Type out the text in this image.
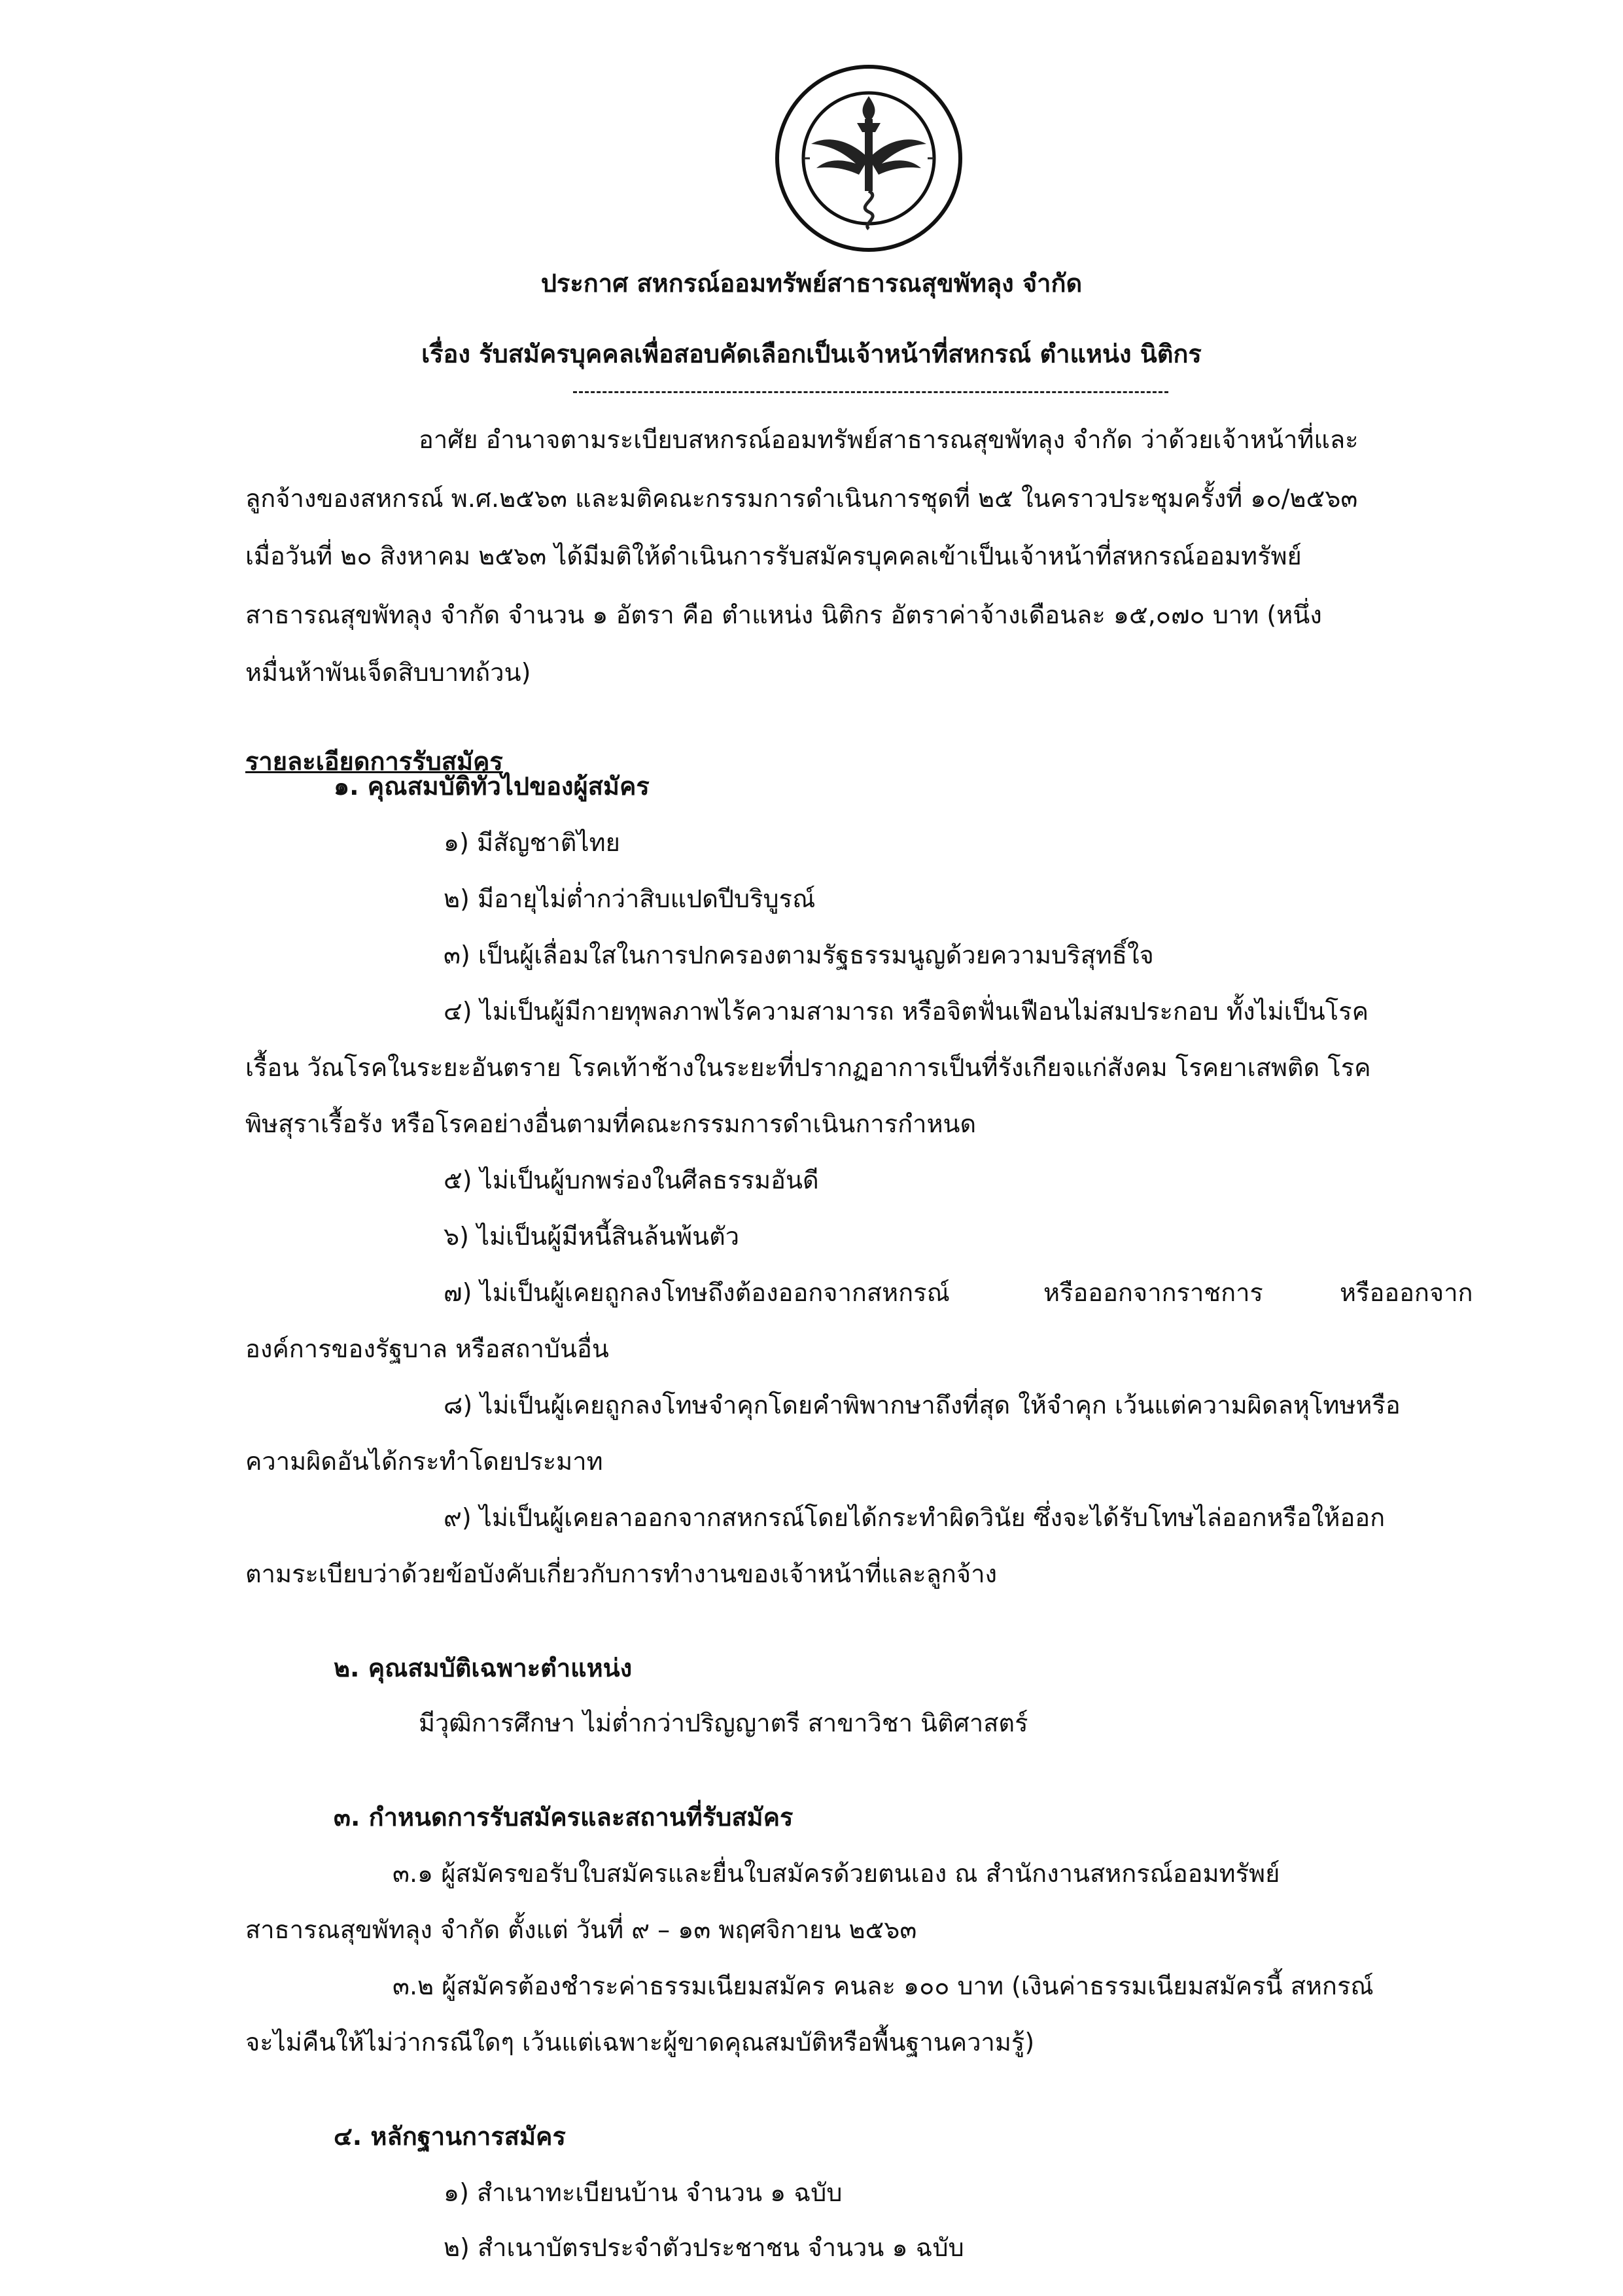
ประกาศ สหกรณ์ออมทรัพย์สาธารณสุขพัทลุง จำกัด
เรื่อง รับสมัครบุคคลเพื่อสอบคัดเลือกเป็นเจ้าหน้าที่สหกรณ์ ตำแหน่ง นิติกร
อาศัย อำนาจตามระเบียบสหกรณ์ออมทรัพย์สาธารณสุขพัทลุง จำกัด ว่าด้วยเจ้าหน้าที่และ
ลูกจ้างของสหกรณ์ พ.ศ.๒๕๖๓ และมติคณะกรรมการดำเนินการชุดที่ ๒๕ ในคราวประชุมครั้งที่ ๑๐/๒๕๖๓
เมื่อวันที่ ๒๐ สิงหาคม ๒๕๖๓ ได้มีมติให้ดำเนินการรับสมัครบุคคลเข้าเป็นเจ้าหน้าที่สหกรณ์ออมทรัพย์
สาธารณสุขพัทลุง จำกัด จำนวน ๑ อัตรา คือ ตำแหน่ง นิติกร อัตราค่าจ้างเดือนละ ๑๕,๐๗๐ บาท (หนึ่ง
หมื่นห้าพันเจ็ดสิบบาทถ้วน)
รายละเอียดการรับสมัคร
๑. คุณสมบัติทั่วไปของผู้สมัคร
๑) มีสัญชาติไทย
๒) มีอายุไม่ต่ำกว่าสิบแปดปีบริบูรณ์
๓) เป็นผู้เลื่อมใสในการปกครองตามรัฐธรรมนูญด้วยความบริสุทธิ์ใจ
๔) ไม่เป็นผู้มีกายทุพลภาพไร้ความสามารถ หรือจิตฟั่นเฟือนไม่สมประกอบ ทั้งไม่เป็นโรค
เรื้อน วัณโรคในระยะอันตราย โรคเท้าช้างในระยะที่ปรากฏอาการเป็นที่รังเกียจแก่สังคม โรคยาเสพติด โรค
พิษสุราเรื้อรัง หรือโรคอย่างอื่นตามที่คณะกรรมการดำเนินการกำหนด
๕) ไม่เป็นผู้บกพร่องในศีลธรรมอันดี
๖) ไม่เป็นผู้มีหนี้สินล้นพ้นตัว
๗) ไม่เป็นผู้เคยถูกลงโทษถึงต้องออกจากสหกรณ์	หรือออกจากราชการ	หรือออกจาก
องค์การของรัฐบาล หรือสถาบันอื่น
๘) ไม่เป็นผู้เคยถูกลงโทษจำคุกโดยคำพิพากษาถึงที่สุด ให้จำคุก เว้นแต่ความผิดลหุโทษหรือ
ความผิดอันได้กระทำโดยประมาท
๙) ไม่เป็นผู้เคยลาออกจากสหกรณ์โดยได้กระทำผิดวินัย ซึ่งจะได้รับโทษไล่ออกหรือให้ออก
ตามระเบียบว่าด้วยข้อบังคับเกี่ยวกับการทำงานของเจ้าหน้าที่และลูกจ้าง
๒. คุณสมบัติเฉพาะตำแหน่ง
มีวุฒิการศึกษา ไม่ต่ำกว่าปริญญาตรี สาขาวิชา นิติศาสตร์
๓. กำหนดการรับสมัครและสถานที่รับสมัคร
๓.๑ ผู้สมัครขอรับใบสมัครและยื่นใบสมัครด้วยตนเอง ณ สำนักงานสหกรณ์ออมทรัพย์
สาธารณสุขพัทลุง จำกัด ตั้งแต่ วันที่ ๙ – ๑๓ พฤศจิกายน ๒๕๖๓
๓.๒ ผู้สมัครต้องชำระค่าธรรมเนียมสมัคร คนละ ๑๐๐ บาท (เงินค่าธรรมเนียมสมัครนี้ สหกรณ์
จะไม่คืนให้ไม่ว่ากรณีใดๆ เว้นแต่เฉพาะผู้ขาดคุณสมบัติหรือพื้นฐานความรู้)
๔. หลักฐานการสมัคร
๑) สำเนาทะเบียนบ้าน จำนวน ๑ ฉบับ
๒) สำเนาบัตรประจำตัวประชาชน จำนวน ๑ ฉบับ
